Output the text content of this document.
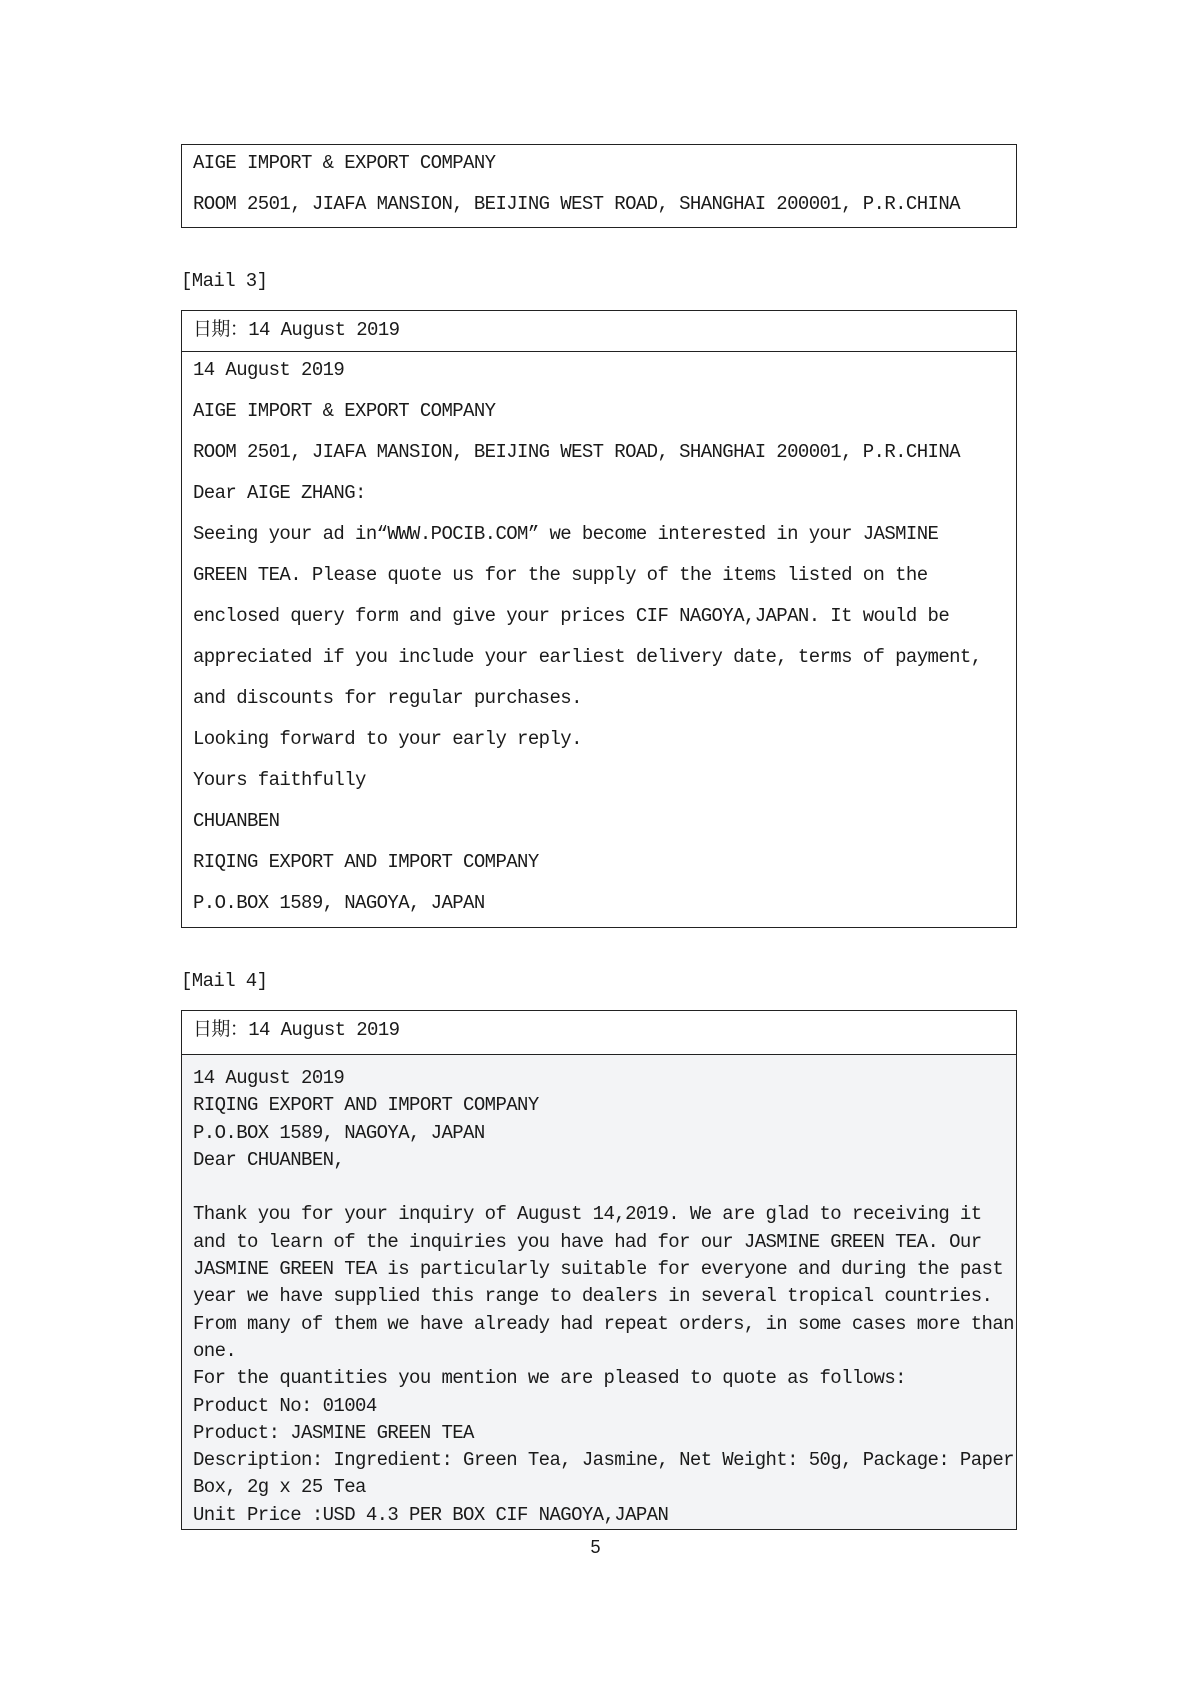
AIGE IMPORT & EXPORT COMPANY
ROOM 2501, JIAFA MANSION, BEIJING WEST ROAD, SHANGHAI 200001, P.R.CHINA
[Mail 3]
日期：14 August 2019
14 August 2019
AIGE IMPORT & EXPORT COMPANY
ROOM 2501, JIAFA MANSION, BEIJING WEST ROAD, SHANGHAI 200001, P.R.CHINA
Dear AIGE ZHANG:
Seeing your ad in“WWW.POCIB.COM” we become interested in your JASMINE
GREEN TEA. Please quote us for the supply of the items listed on the
enclosed query form and give your prices CIF NAGOYA,JAPAN. It would be
appreciated if you include your earliest delivery date, terms of payment,
and discounts for regular purchases.
Looking forward to your early reply.
Yours faithfully
CHUANBEN
RIQING EXPORT AND IMPORT COMPANY
P.O.BOX 1589, NAGOYA, JAPAN
[Mail 4]
日期：14 August 2019
14 August 2019
RIQING EXPORT AND IMPORT COMPANY
P.O.BOX 1589, NAGOYA, JAPAN
Dear CHUANBEN,
Thank you for your inquiry of August 14,2019. We are glad to receiving it
and to learn of the inquiries you have had for our JASMINE GREEN TEA. Our
JASMINE GREEN TEA is particularly suitable for everyone and during the past
year we have supplied this range to dealers in several tropical countries.
From many of them we have already had repeat orders, in some cases more than
one.
For the quantities you mention we are pleased to quote as follows:
Product No: 01004
Product: JASMINE GREEN TEA
Description: Ingredient: Green Tea, Jasmine, Net Weight: 50g, Package: Paper
Box, 2g x 25 Tea
Unit Price :USD 4.3 PER BOX CIF NAGOYA,JAPAN
5
